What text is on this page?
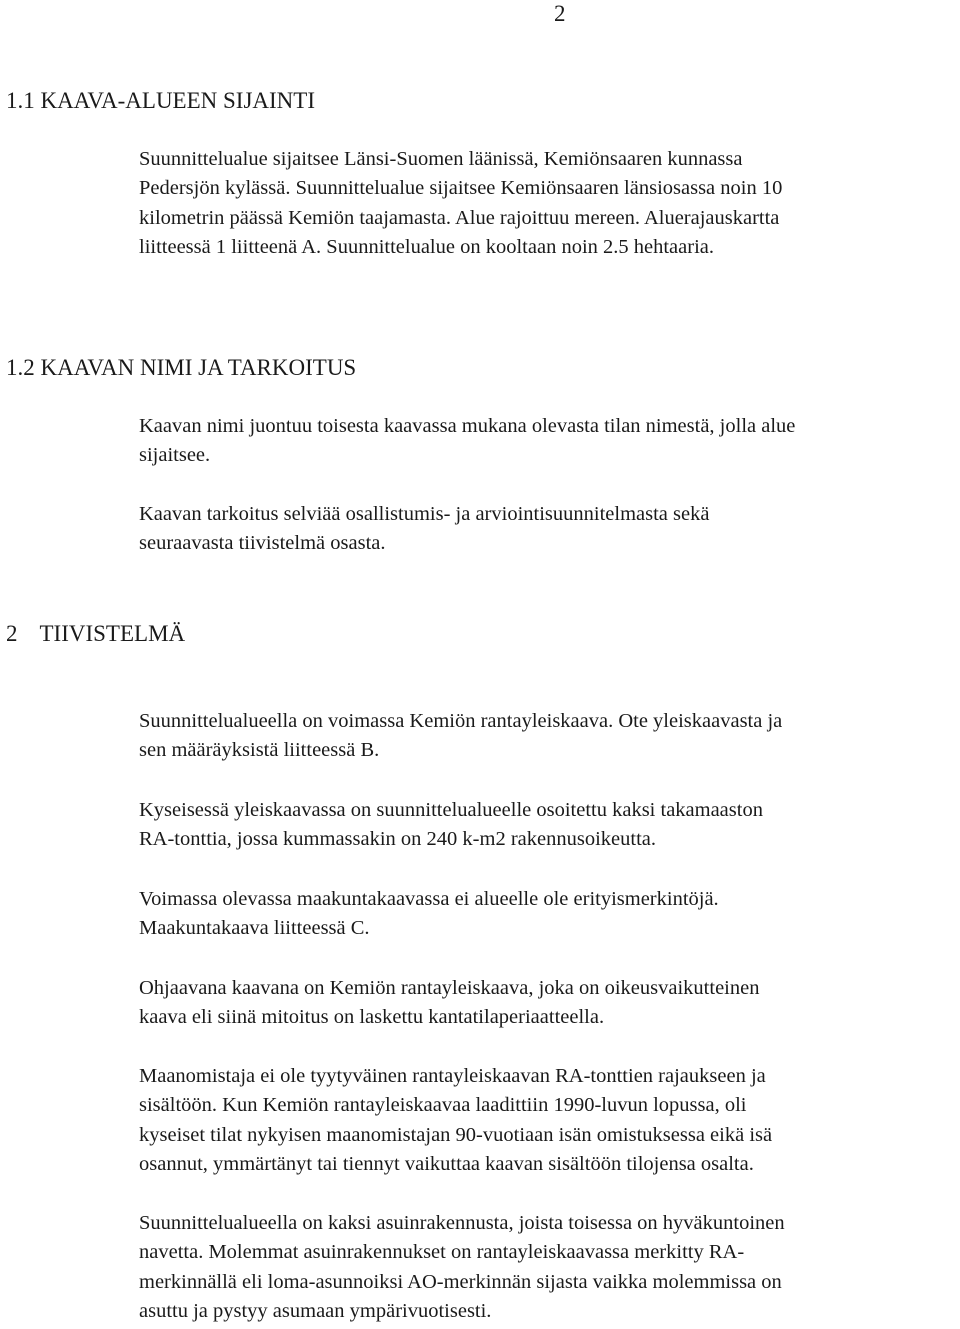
2
1.1 KAAVA-ALUEEN SIJAINTI
Suunnittelualue sijaitsee Länsi-Suomen läänissä, Kemiönsaaren kunnassa
Pedersjön kylässä. Suunnittelualue sijaitsee Kemiönsaaren länsiosassa noin 10
kilometrin päässä Kemiön taajamasta. Alue rajoittuu mereen. Aluerajauskartta
liitteessä 1 liitteenä A. Suunnittelualue on kooltaan noin 2.5 hehtaaria.
1.2 KAAVAN NIMI JA TARKOITUS
Kaavan nimi juontuu toisesta kaavassa mukana olevasta tilan nimestä, jolla alue
sijaitsee.
Kaavan tarkoitus selviää osallistumis- ja arviointisuunnitelmasta sekä
seuraavasta tiivistelmä osasta.
2 TIIVISTELMÄ
Suunnittelualueella on voimassa Kemiön rantayleiskaava. Ote yleiskaavasta ja
sen määräyksistä liitteessä B.
Kyseisessä yleiskaavassa on suunnittelualueelle osoitettu kaksi takamaaston
RA-tonttia, jossa kummassakin on 240 k-m2 rakennusoikeutta.
Voimassa olevassa maakuntakaavassa ei alueelle ole erityismerkintöjä.
Maakuntakaava liitteessä C.
Ohjaavana kaavana on Kemiön rantayleiskaava, joka on oikeusvaikutteinen
kaava eli siinä mitoitus on laskettu kantatilaperiaatteella.
Maanomistaja ei ole tyytyväinen rantayleiskaavan RA-tonttien rajaukseen ja
sisältöön. Kun Kemiön rantayleiskaavaa laadittiin 1990-luvun lopussa, oli
kyseiset tilat nykyisen maanomistajan 90-vuotiaan isän omistuksessa eikä isä
osannut, ymmärtänyt tai tiennyt vaikuttaa kaavan sisältöön tilojensa osalta.
Suunnittelualueella on kaksi asuinrakennusta, joista toisessa on hyväkuntoinen
navetta. Molemmat asuinrakennukset on rantayleiskaavassa merkitty RA-
merkinnällä eli loma-asunnoiksi AO-merkinnän sijasta vaikka molemmissa on
asuttu ja pystyy asumaan ympärivuotisesti.
